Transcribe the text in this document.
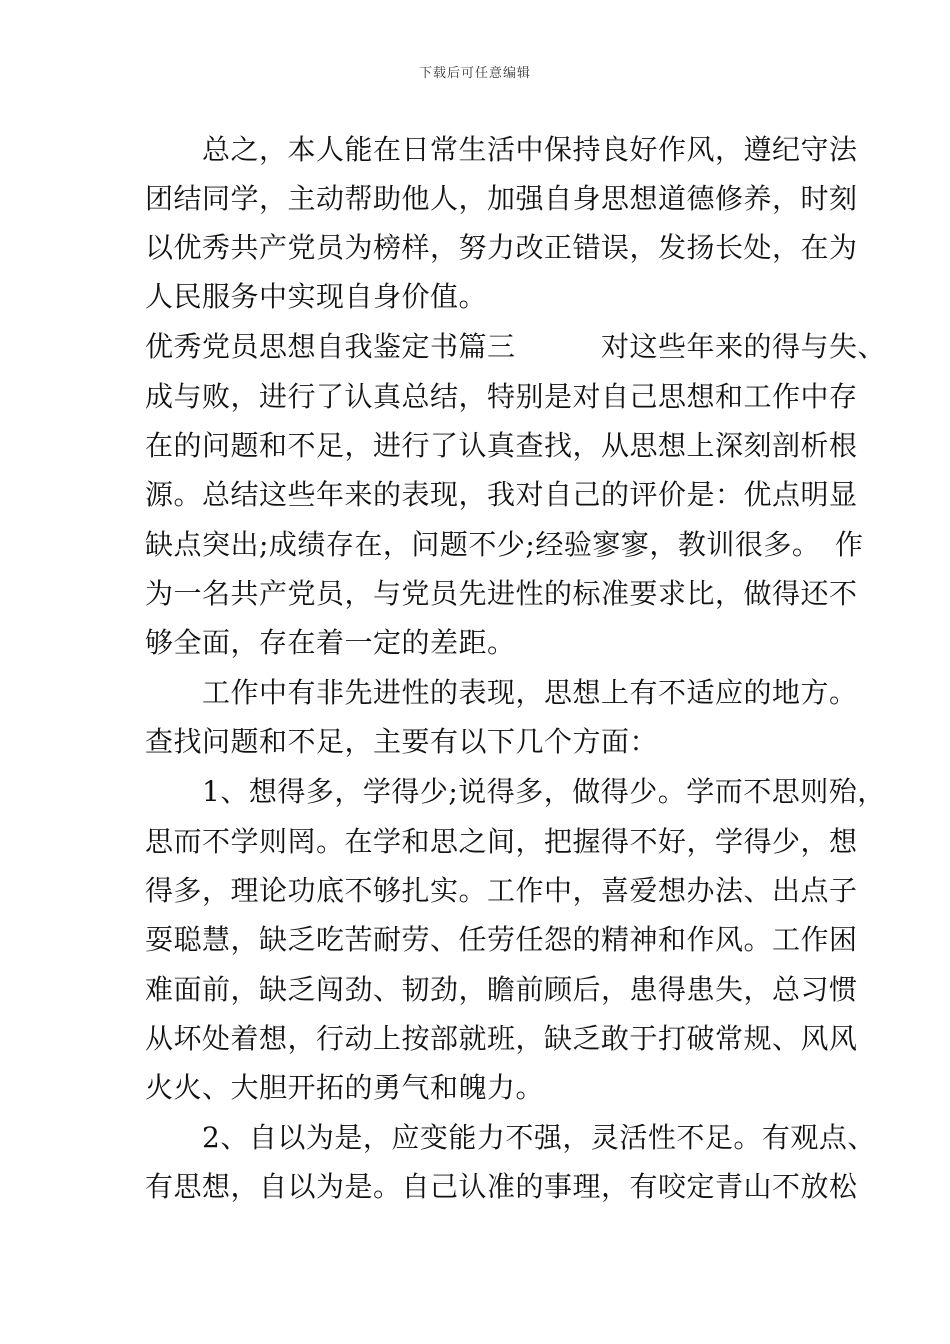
下载后可任意编辑
　　总之，本人能在日常生活中保持良好作风，遵纪守法
团结同学，主动帮助他人，加强自身思想道德修养，时刻
以优秀共产党员为榜样，努力改正错误，发扬长处，在为
人民服务中实现自身价值。
优秀党员思想自我鉴定书篇三　　　对这些年来的得与失、
成与败，进行了认真总结，特别是对自己思想和工作中存
在的问题和不足，进行了认真查找，从思想上深刻剖析根
源。总结这些年来的表现，我对自己的评价是：优点明显
缺点突出;成绩存在，问题不少;经验寥寥，教训很多。　作
为一名共产党员，与党员先进性的标准要求比，做得还不
够全面，存在着一定的差距。
　　工作中有非先进性的表现，思想上有不适应的地方。
查找问题和不足，主要有以下几个方面：
　　1、想得多，学得少;说得多，做得少。学而不思则殆，
思而不学则罔。在学和思之间，把握得不好，学得少，想
得多，理论功底不够扎实。工作中，喜爱想办法、出点子
耍聪慧，缺乏吃苦耐劳、任劳任怨的精神和作风。工作困
难面前，缺乏闯劲、韧劲，瞻前顾后，患得患失，总习惯
从坏处着想，行动上按部就班，缺乏敢于打破常规、风风
火火、大胆开拓的勇气和魄力。
　　2、自以为是，应变能力不强，灵活性不足。有观点、
有思想，自以为是。自己认准的事理，有咬定青山不放松
